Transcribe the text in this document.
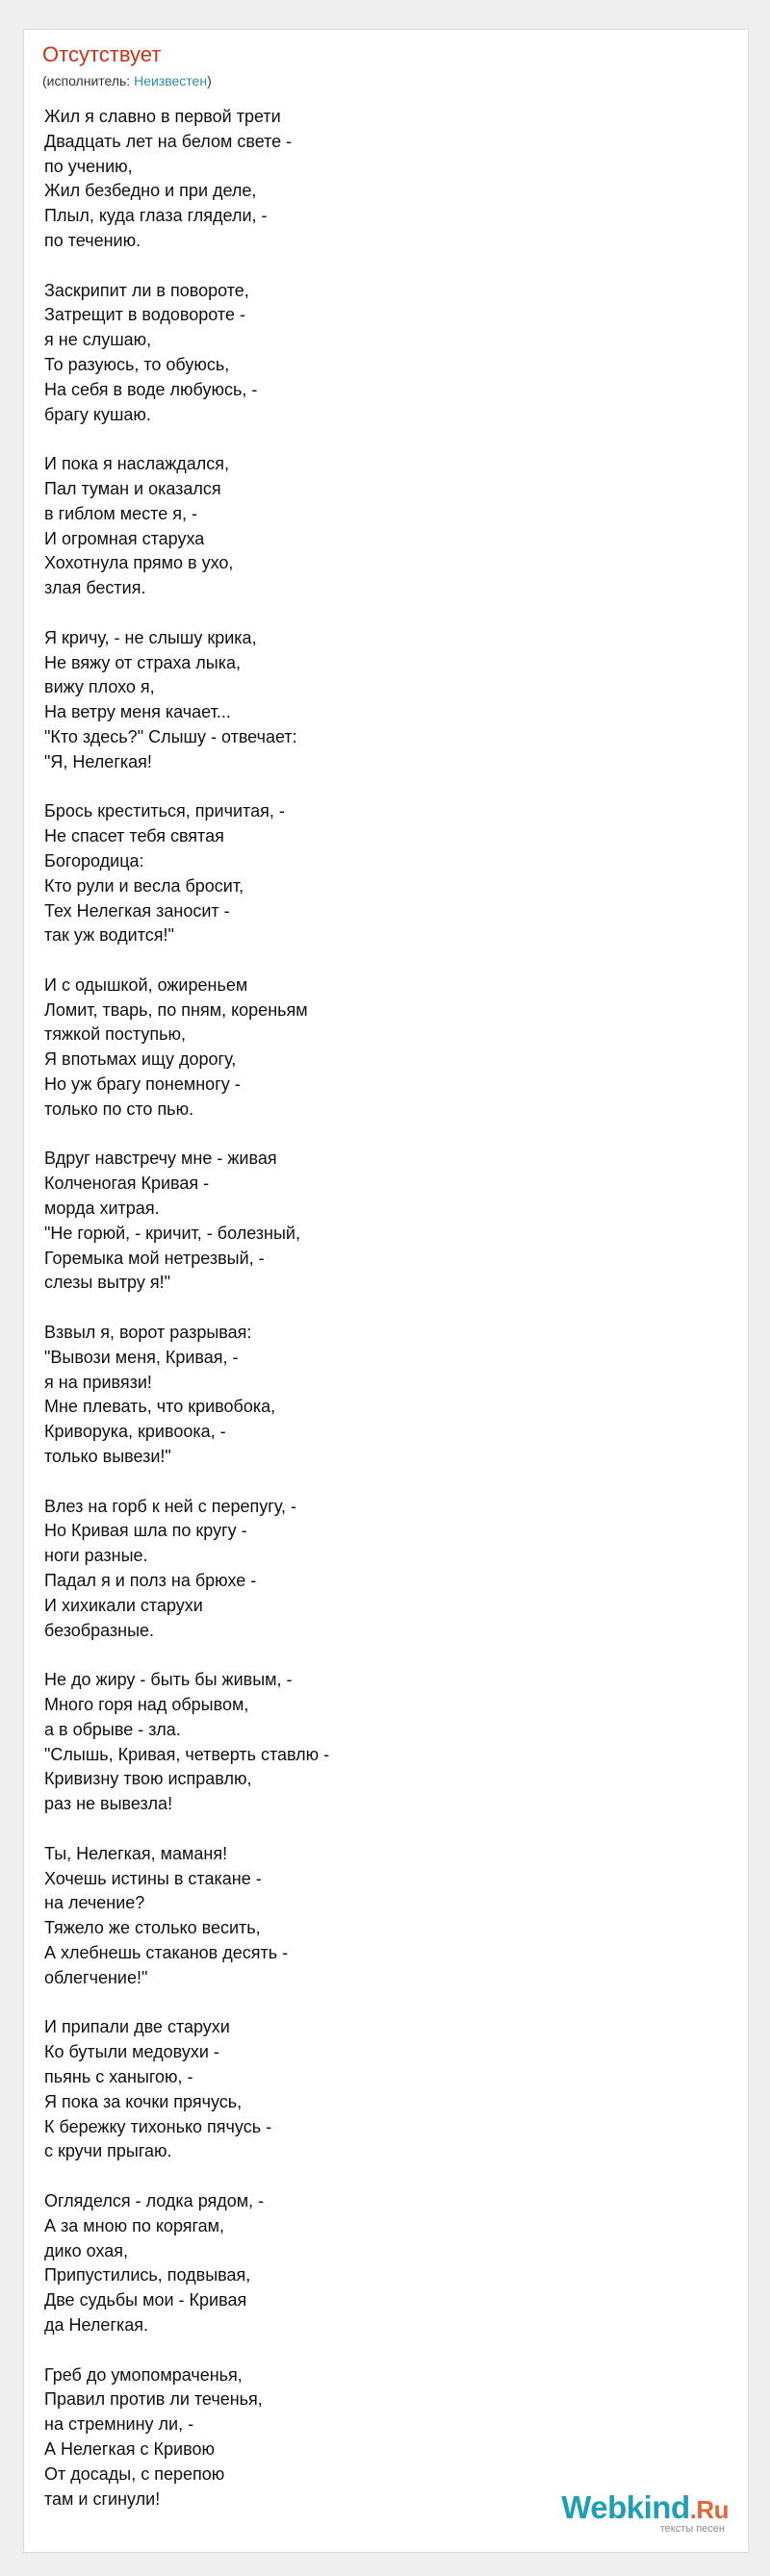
Отсутствует
(исполнитель: Неизвестен)
Жил я славно в первой трети
Двадцать лет на белом свете -
по учению,
Жил безбедно и при деле,
Плыл, куда глаза глядели, -
по течению.
Заскрипит ли в повороте,
Затрещит в водовороте -
я не слушаю,
То разуюсь, то обуюсь,
На себя в воде любуюсь, -
брагу кушаю.
И пока я наслаждался,
Пал туман и оказался
в гиблом месте я, -
И огромная старуха
Хохотнула прямо в ухо,
злая бестия.
Я кричу, - не слышу крика,
Не вяжу от страха лыка,
вижу плохо я,
На ветру меня качает...
"Кто здесь?" Слышу - отвечает:
"Я, Нелегкая!
Брось креститься, причитая, -
Не спасет тебя святая
Богородица:
Кто рули и весла бросит,
Тех Нелегкая заносит -
так уж водится!"
И с одышкой, ожиреньем
Ломит, тварь, по пням, кореньям
тяжкой поступью,
Я впотьмах ищу дорогу,
Но уж брагу понемногу -
только по сто пью.
Вдруг навстречу мне - живая
Колченогая Кривая -
морда хитрая.
"Не горюй, - кричит, - болезный,
Горемыка мой нетрезвый, -
слезы вытру я!"
Взвыл я, ворот разрывая:
"Вывози меня, Кривая, -
я на привязи!
Мне плевать, что кривобока,
Криворука, кривоока, -
только вывези!"
Влез на горб к ней с перепугу, -
Но Кривая шла по кругу -
ноги разные.
Падал я и полз на брюхе -
И хихикали старухи
безобразные.
Не до жиру - быть бы живым, -
Много горя над обрывом,
а в обрыве - зла.
"Слышь, Кривая, четверть ставлю -
Кривизну твою исправлю,
раз не вывезла!
Ты, Нелегкая, маманя!
Хочешь истины в стакане -
на лечение?
Тяжело же столько весить,
А хлебнешь стаканов десять -
облегчение!"
И припали две старухи
Ко бутыли медовухи -
пьянь с ханыгою, -
Я пока за кочки прячусь,
К бережку тихонько пячусь -
с кручи прыгаю.
Огляделся - лодка рядом, -
А за мною по корягам,
дико охая,
Припустились, подвывая,
Две судьбы мои - Кривая
да Нелегкая.
Греб до умопомраченья,
Правил против ли теченья,
на стремнину ли, -
А Нелегкая с Кривою
От досады, с перепою
там и сгинули!	Webkind.Ru
тексты песен
